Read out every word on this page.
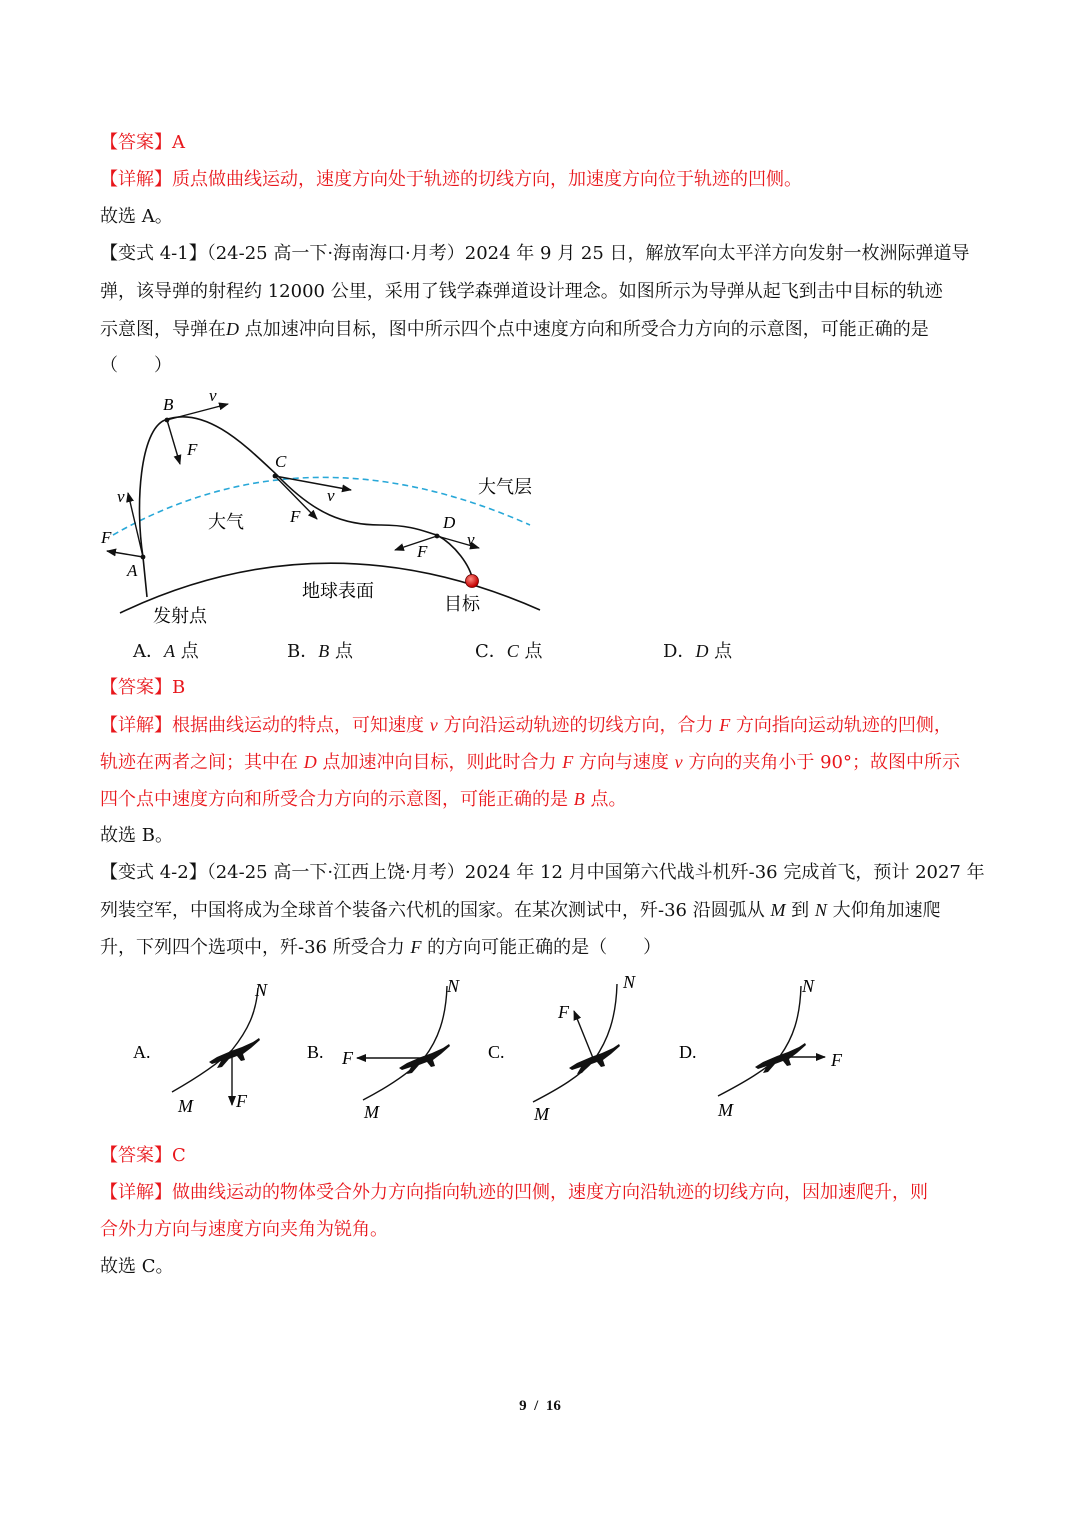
【答案】A
【详解】质点做曲线运动，速度方向处于轨迹的切线方向，加速度方向位于轨迹的凹侧。
故选 A。
【变式 4-1】（24-25 高一下·海南海口·月考）2024 年 9 月 25 日，解放军向太平洋方向发射一枚洲际弹道导
弹，该导弹的射程约 12000 公里，采用了钱学森弹道设计理念。如图所示为导弹从起飞到击中目标的轨迹
示意图，导弹在D 点加速冲向目标，图中所示四个点中速度方向和所受合力方向的示意图，可能正确的是
（　　）
B v
F
C
v
F	D
v
F
v
F
A
大气层
大气
地球表面
发射点
目标
A．A 点	B．B 点	C．C 点	D．D 点
【答案】B
【详解】根据曲线运动的特点，可知速度 v 方向沿运动轨迹的切线方向，合力 F 方向指向运动轨迹的凹侧，
轨迹在两者之间；其中在 D 点加速冲向目标，则此时合力 F 方向与速度 v 方向的夹角小于 90°；故图中所示
四个点中速度方向和所受合力方向的示意图，可能正确的是 B 点。
故选 B。
【变式 4-2】（24-25 高一下·江西上饶·月考）2024 年 12 月中国第六代战斗机歼-36 完成首飞，预计 2027 年
列装空军，中国将成为全球首个装备六代机的国家。在某次测试中，歼-36 沿圆弧从 M 到 N 大仰角加速爬
升，下列四个选项中，歼-36 所受合力 F 的方向可能正确的是（　　）
A.
M
N
F
B.
M
N
F	C.
M
N
F
D.
M
N
F
【答案】C
【详解】做曲线运动的物体受合外力方向指向轨迹的凹侧，速度方向沿轨迹的切线方向，因加速爬升，则
合外力方向与速度方向夹角为锐角。
故选 C。
9 / 16
